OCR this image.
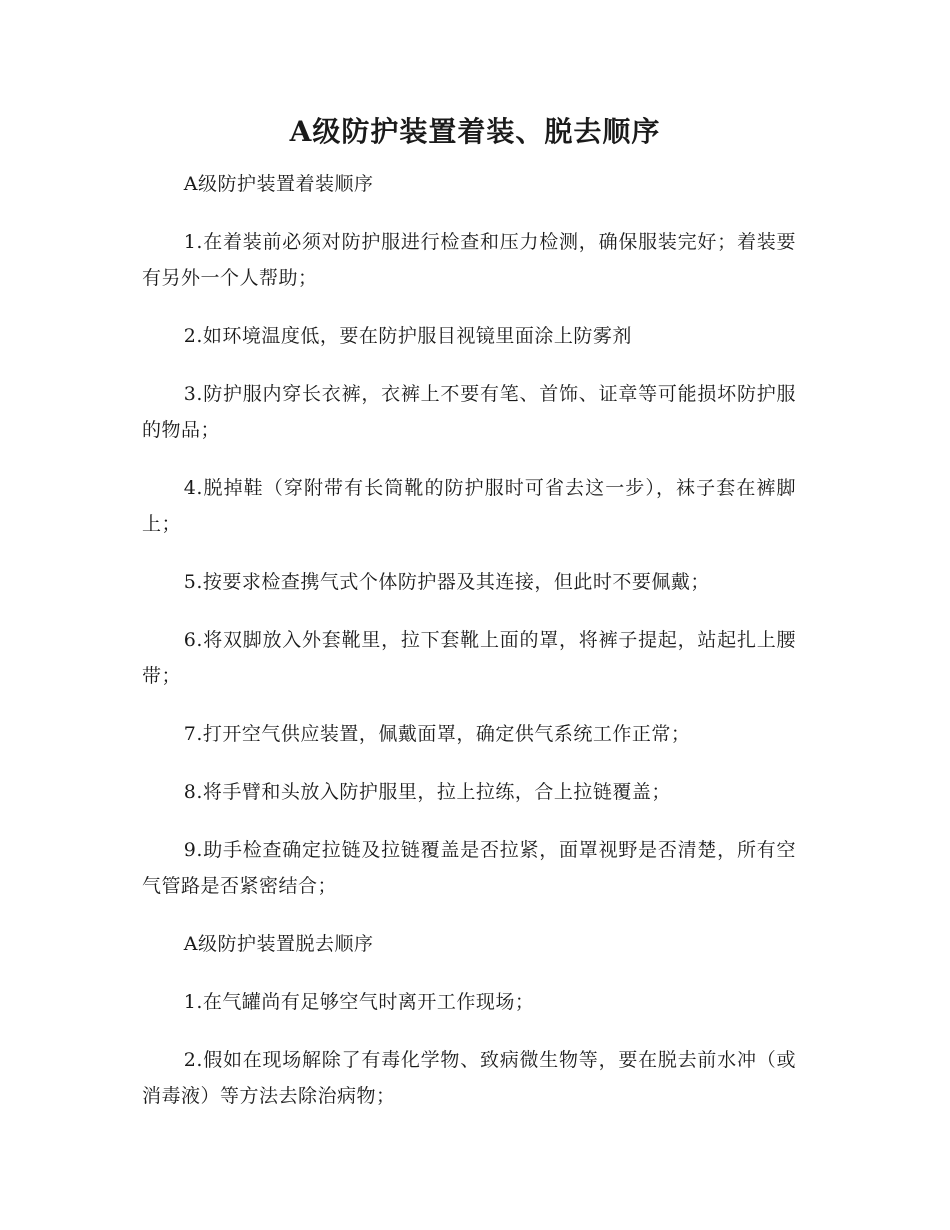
A级防护装置着装、脱去顺序

A级防护装置着装顺序

1.在着装前必须对防护服进行检查和压力检测，确保服装完好；着装要有另外一个人帮助；

2.如环境温度低，要在防护服目视镜里面涂上防雾剂

3.防护服内穿长衣裤，衣裤上不要有笔、首饰、证章等可能损坏防护服的物品；

4.脱掉鞋（穿附带有长筒靴的防护服时可省去这一步），袜子套在裤脚上；

5.按要求检查携气式个体防护器及其连接，但此时不要佩戴；

6.将双脚放入外套靴里，拉下套靴上面的罩，将裤子提起，站起扎上腰带；

7.打开空气供应装置，佩戴面罩，确定供气系统工作正常；

8.将手臂和头放入防护服里，拉上拉练，合上拉链覆盖；

9.助手检查确定拉链及拉链覆盖是否拉紧，面罩视野是否清楚，所有空气管路是否紧密结合；

A级防护装置脱去顺序

1.在气罐尚有足够空气时离开工作现场；

2.假如在现场解除了有毒化学物、致病微生物等，要在脱去前水冲（或消毒液）等方法去除治病物；
